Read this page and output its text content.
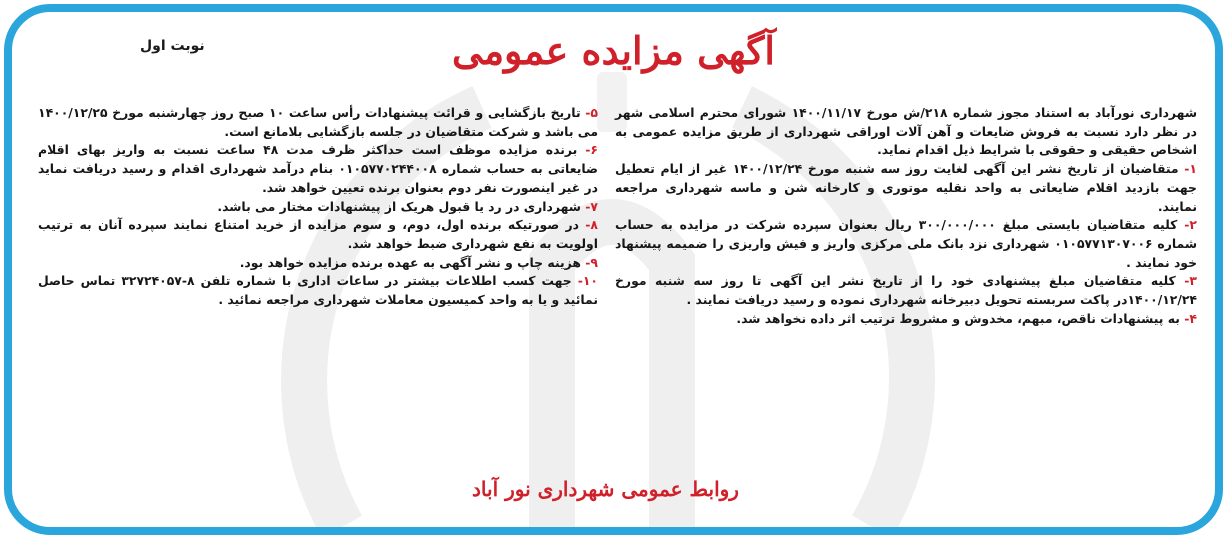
نوبت اول	آگهی مزایده عمومی

شهرداری نورآباد به استناد مجوز شماره ۲۱۸/ش مورخ ۱۴۰۰/۱۱/۱۷ شورای محترم اسلامی شهر در نظر دارد نسبت به فروش ضایعات و آهن آلات اوراقی شهرداری از طریق مزایده عمومی به اشخاص حقیقی و حقوقی با شرایط ذیل اقدام نماید.

۱- متقاضیان از تاریخ نشر این آگهی لغایت روز سه شنبه مورخ ۱۴۰۰/۱۲/۲۴ غیر از ایام تعطیل جهت بازدید اقلام ضایعاتی به واحد نقلیه موتوری و کارخانه شن و ماسه شهرداری مراجعه نمایند.

۲- کلیه متقاضیان بایستی مبلغ ۳۰۰/۰۰۰/۰۰۰ ریال بعنوان سپرده شرکت در مزایده به حساب شماره ۰۱۰۵۷۷۱۳۰۷۰۰۶ شهرداری نزد بانک ملی مرکزی واریز و فیش واریزی را ضمیمه پیشنهاد خود نمایند .

۳- کلیه متقاضیان مبلغ پیشنهادی خود را از تاریخ نشر این آگهی تا روز سه شنبه مورخ ۱۴۰۰/۱۲/۲۴در پاکت سربسته تحویل دبیرخانه شهرداری نموده و رسید دریافت نمایند .

۴- به پیشنهادات ناقص، مبهم، مخدوش و مشروط ترتیب اثر داده نخواهد شد.

۵- تاریخ بازگشایی و قرائت پیشنهادات رأس ساعت ۱۰ صبح روز چهارشنبه مورخ ۱۴۰۰/۱۲/۲۵ می باشد و شرکت متقاضیان در جلسه بازگشایی بلامانع است.

۶- برنده مزایده موظف است حداکثر ظرف مدت ۴۸ ساعت نسبت به واریز بهای اقلام ضایعاتی به حساب شماره ۰۱۰۵۷۷۰۲۴۴۰۰۸ بنام درآمد شهرداری اقدام و رسید دریافت نماید در غیر اینصورت نفر دوم بعنوان برنده تعیین خواهد شد.

۷- شهرداری در رد یا قبول هریک از پیشنهادات مختار می باشد.

۸- در صورتیکه برنده اول، دوم، و سوم مزایده از خرید امتناع نمایند سپرده آنان به ترتیب اولویت به نفع شهرداری ضبط خواهد شد.

۹- هزینه چاپ و نشر آگهی به عهده برنده مزایده خواهد بود.

۱۰- جهت کسب اطلاعات بیشتر در ساعات اداری با شماره تلفن ۸-۳۲۷۲۴۰۵۷ تماس حاصل نمائید و یا به واحد کمیسیون معاملات شهرداری مراجعه نمائید .

روابط عمومی شهرداری نور آباد
